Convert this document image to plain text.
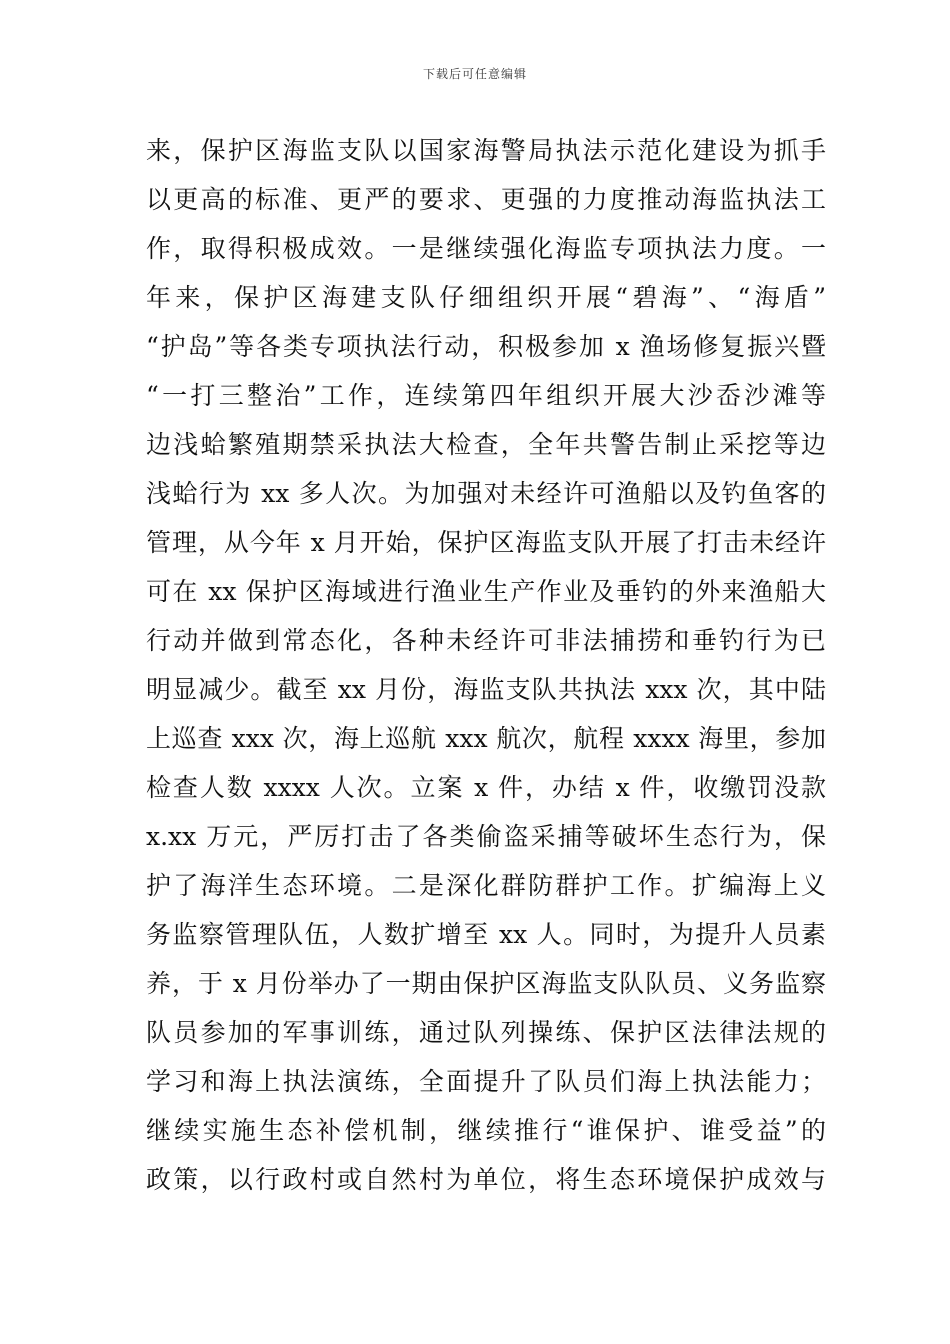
下载后可任意编辑
来，保护区海监支队以国家海警局执法示范化建设为抓手
以更高的标准、更严的要求、更强的力度推动海监执法工
作，取得积极成效。一是继续强化海监专项执法力度。一
年来，保护区海建支队仔细组织开展“碧海”、“海盾”
“护岛”等各类专项执法行动，积极参加 x 渔场修复振兴暨
“一打三整治”工作，连续第四年组织开展大沙岙沙滩等
边浅蛤繁殖期禁采执法大检查，全年共警告制止采挖等边
浅蛤行为 xx 多人次。为加强对未经许可渔船以及钓鱼客的
管理，从今年 x 月开始，保护区海监支队开展了打击未经许
可在 xx 保护区海域进行渔业生产作业及垂钓的外来渔船大
行动并做到常态化，各种未经许可非法捕捞和垂钓行为已
明显减少。截至 xx 月份，海监支队共执法 xxx 次，其中陆
上巡查 xxx 次，海上巡航 xxx 航次，航程 xxxx 海里，参加
检查人数 xxxx 人次。立案 x 件，办结 x 件，收缴罚没款
x.xx 万元，严厉打击了各类偷盗采捕等破坏生态行为，保
护了海洋生态环境。二是深化群防群护工作。扩编海上义
务监察管理队伍，人数扩增至 xx 人。同时，为提升人员素
养，于 x 月份举办了一期由保护区海监支队队员、义务监察
队员参加的军事训练，通过队列操练、保护区法律法规的
学习和海上执法演练，全面提升了队员们海上执法能力；
继续实施生态补偿机制，继续推行“谁保护、谁受益”的
政策，以行政村或自然村为单位，将生态环境保护成效与
